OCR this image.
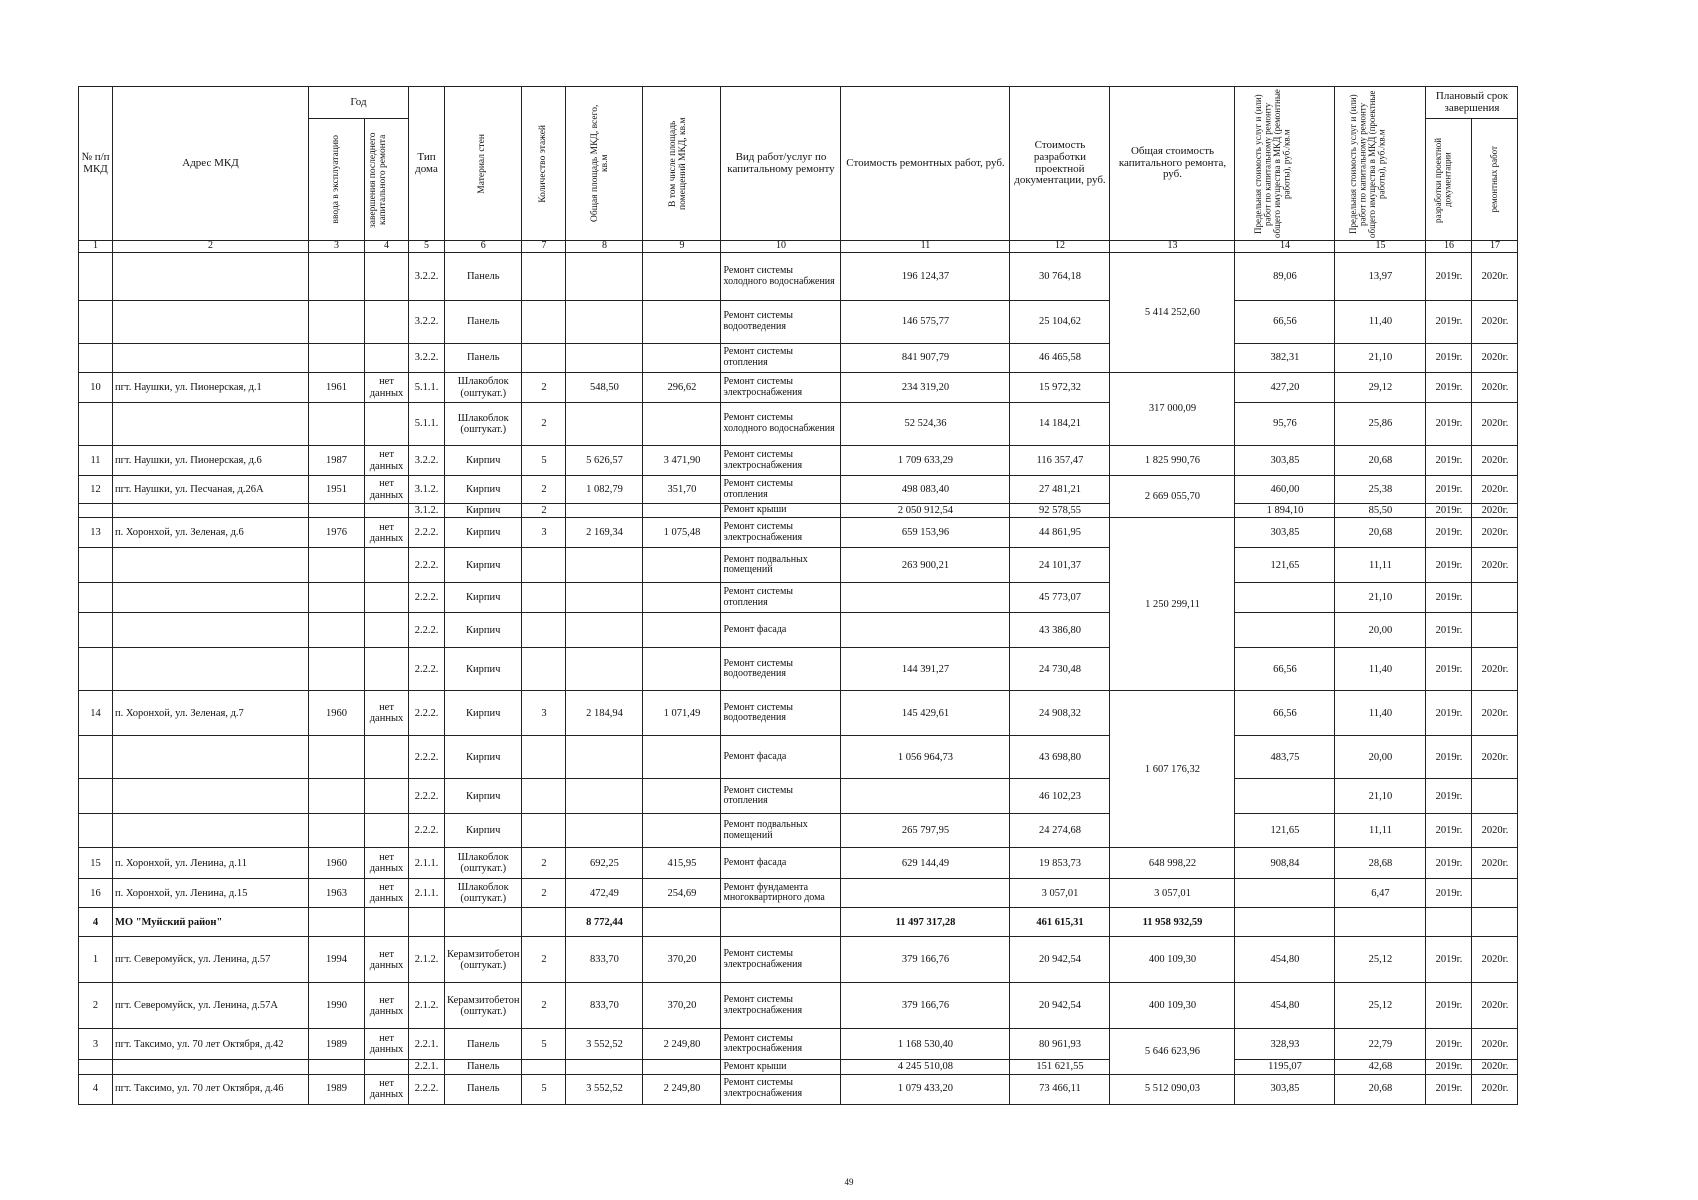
№ п/п МКД	Адрес МКД	Год		Тип дома	Материал стен	Количество этажей	Общая площадь МКД, всего, кв.м	В том числе площадь помещений МКД, кв.м	Вид работ/услуг по капитальному ремонту	Стоимость ремонтных работ, руб.	Стоимость разработки проектной документации, руб.	Общая стоимость капитального ремонта, руб.	Предельная стоимость услуг и (или) работ по капитальному ремонту общего имущества в МКД (ремонтные работы), руб./кв.м	Предельная стоимость услуг и (или) работ по капитальному ремонту общего имущества в МКД (проектные работы), руб./кв.м	Плановый срок завершения	

		ввода в эксплуатацию	завершения последнего капитального ремонта												разработки проектной документации	ремонтных работ

1	2	3	4	5	6	7	8	9	10	11	12	13	14	15	16	17
				3.2.2.	Панель				Ремонт системы холодного водоснабжения	196 124,37	30 764,18	5 414 252,60	89,06	13,97	2019г.	2020г.
				3.2.2.	Панель				Ремонт системы водоотведения	146 575,77	25 104,62		66,56	11,40	2019г.	2020г.
				3.2.2.	Панель				Ремонт системы отопления	841 907,79	46 465,58		382,31	21,10	2019г.	2020г.
10	пгт. Наушки, ул. Пионерская, д.1	1961	нет данных	5.1.1.	Шлакоблок (оштукат.)	2	548,50	296,62	Ремонт системы электроснабжения	234 319,20	15 972,32	317 000,09	427,20	29,12	2019г.	2020г.
				5.1.1.	Шлакоблок (оштукат.)	2			Ремонт системы холодного водоснабжения	52 524,36	14 184,21		95,76	25,86	2019г.	2020г.
11	пгт. Наушки, ул. Пионерская, д.6	1987	нет данных	3.2.2.	Кирпич	5	5 626,57	3 471,90	Ремонт системы электроснабжения	1 709 633,29	116 357,47	1 825 990,76	303,85	20,68	2019г.	2020г.
12	пгт. Наушки, ул. Песчаная, д.26А	1951	нет данных	3.1.2.	Кирпич	2	1 082,79	351,70	Ремонт системы отопления	498 083,40	27 481,21	2 669 055,70	460,00	25,38	2019г.	2020г.
				3.1.2.	Кирпич	2			Ремонт крыши	2 050 912,54	92 578,55		1 894,10	85,50	2019г.	2020г.
13	п. Хоронхой, ул. Зеленая, д.6	1976	нет данных	2.2.2.	Кирпич	3	2 169,34	1 075,48	Ремонт системы электроснабжения	659 153,96	44 861,95	1 250 299,11	303,85	20,68	2019г.	2020г.
				2.2.2.	Кирпич				Ремонт подвальных помещений	263 900,21	24 101,37		121,65	11,11	2019г.	2020г.
				2.2.2.	Кирпич				Ремонт системы отопления		45 773,07			21,10	2019г.	
				2.2.2.	Кирпич				Ремонт фасада		43 386,80			20,00	2019г.	
				2.2.2.	Кирпич				Ремонт системы водоотведения	144 391,27	24 730,48		66,56	11,40	2019г.	2020г.
14	п. Хоронхой, ул. Зеленая, д.7	1960	нет данных	2.2.2.	Кирпич	3	2 184,94	1 071,49	Ремонт системы водоотведения	145 429,61	24 908,32	1 607 176,32	66,56	11,40	2019г.	2020г.
				2.2.2.	Кирпич				Ремонт фасада	1 056 964,73	43 698,80		483,75	20,00	2019г.	2020г.
				2.2.2.	Кирпич				Ремонт системы отопления		46 102,23			21,10	2019г.	
				2.2.2.	Кирпич				Ремонт подвальных помещений	265 797,95	24 274,68		121,65	11,11	2019г.	2020г.
15	п. Хоронхой, ул. Ленина, д.11	1960	нет данных	2.1.1.	Шлакоблок (оштукат.)	2	692,25	415,95	Ремонт фасада	629 144,49	19 853,73	648 998,22	908,84	28,68	2019г.	2020г.
16	п. Хоронхой, ул. Ленина, д.15	1963	нет данных	2.1.1.	Шлакоблок (оштукат.)	2	472,49	254,69	Ремонт фундамента многоквартирного дома		3 057,01	3 057,01		6,47	2019г.	
4	МО "Муйский район"						8 772,44			11 497 317,28	461 615,31	11 958 932,59				
1	пгт. Северомуйск, ул. Ленина, д.57	1994	нет данных	2.1.2.	Керамзитобетон (оштукат.)	2	833,70	370,20	Ремонт системы электроснабжения	379 166,76	20 942,54	400 109,30	454,80	25,12	2019г.	2020г.
2	пгт. Северомуйск, ул. Ленина, д.57А	1990	нет данных	2.1.2.	Керамзитобетон (оштукат.)	2	833,70	370,20	Ремонт системы электроснабжения	379 166,76	20 942,54	400 109,30	454,80	25,12	2019г.	2020г.
3	пгт. Таксимо, ул. 70 лет Октября, д.42	1989	нет данных	2.2.1.	Панель	5	3 552,52	2 249,80	Ремонт системы электроснабжения	1 168 530,40	80 961,93	5 646 623,96	328,93	22,79	2019г.	2020г.
				2.2.1.	Панель				Ремонт крыши	4 245 510,08	151 621,55		1195,07	42,68	2019г.	2020г.
4	пгт. Таксимо, ул. 70 лет Октября, д.46	1989	нет данных	2.2.2.	Панель	5	3 552,52	2 249,80	Ремонт системы электроснабжения	1 079 433,20	73 466,11	5 512 090,03	303,85	20,68	2019г.	2020г.
49
